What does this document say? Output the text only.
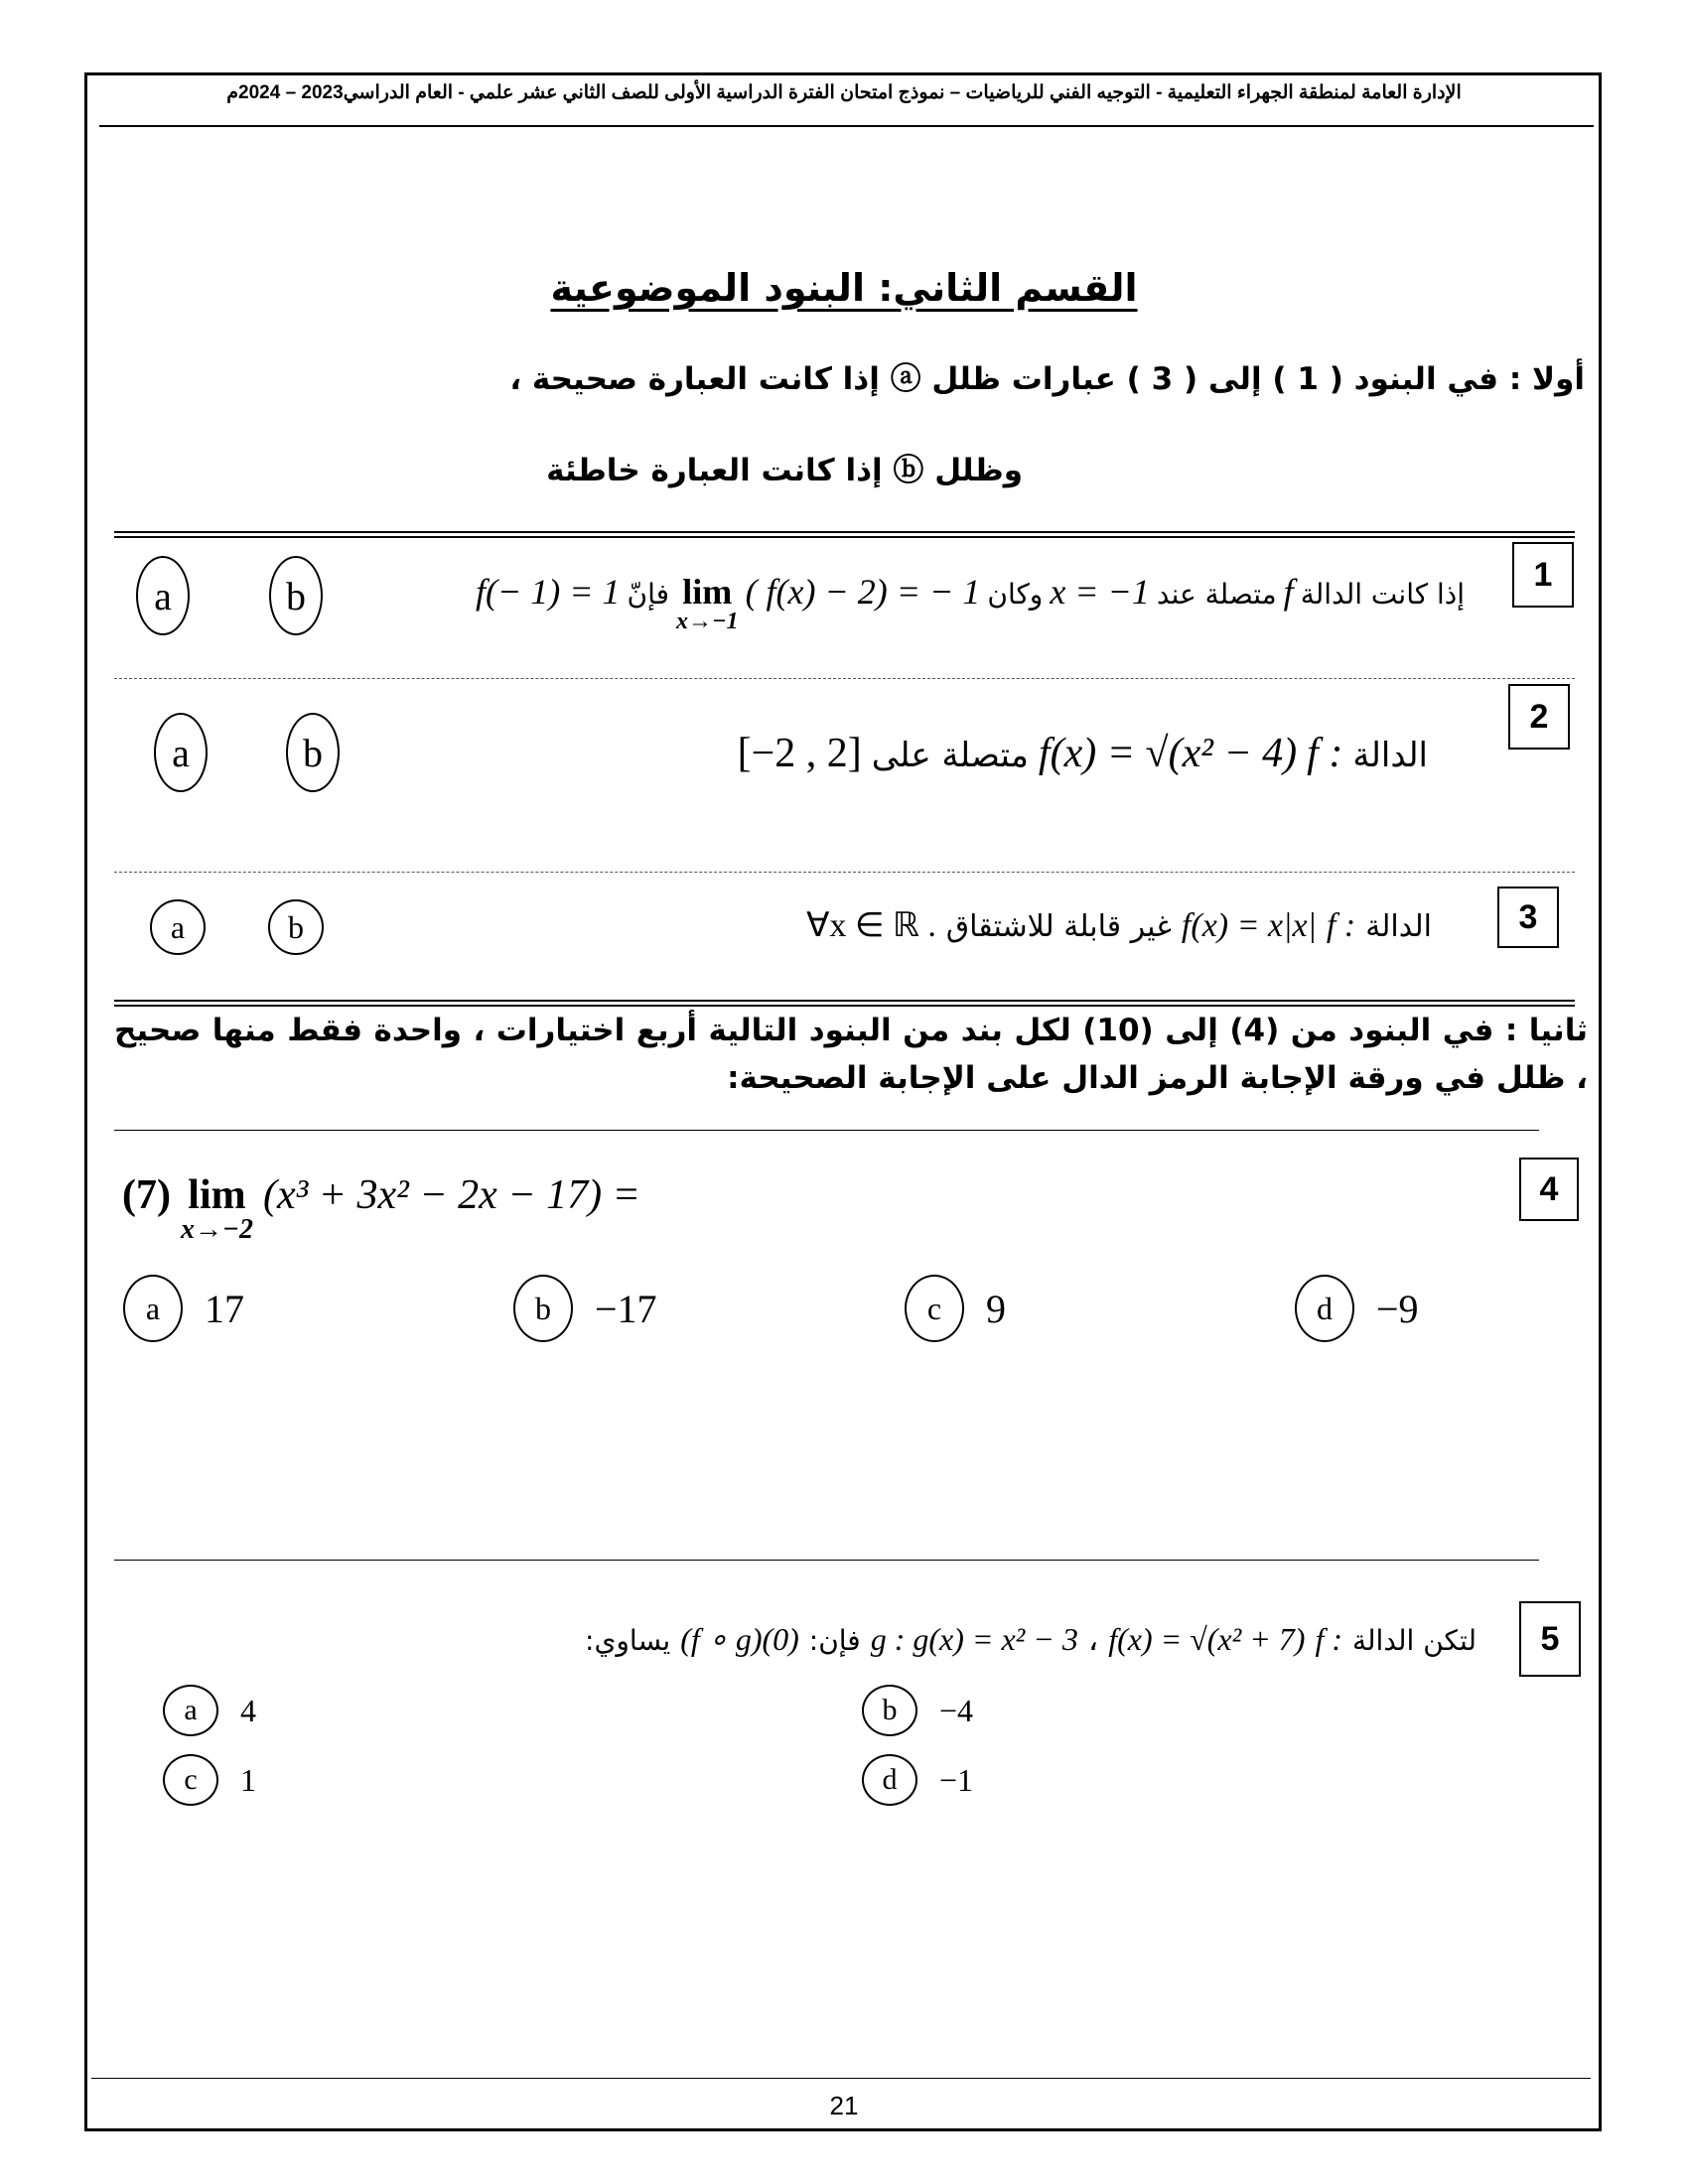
الإدارة العامة لمنطقة الجهراء التعليمية - التوجيه الفني للرياضيات – نموذج امتحان الفترة الدراسية الأولى للصف الثاني عشر علمي - العام الدراسي2023 – 2024م
القسم الثاني: البنود الموضوعية
أولا : في البنود ( 1 ) إلى ( 3 ) عبارات ظلل ⓐ إذا كانت العبارة صحيحة ،
وظلل ⓑ إذا كانت العبارة خاطئة
1
a	b	f(− 1) = 1 فإنّ lim
x→−1
( f(x) − 2) = − 1 وكان x = −1 متصلة عند f إذا كانت الدالة
2
a	b	[−2 , 2] متصلة على f(x) = √(x² − 4) f : الدالة
3
a	b	∀x ∈ ℝ . غير قابلة للاشتقاق f(x) = x|x| f : الدالة
ثانيا : في البنود من (4) إلى (10) لكل بند من البنود التالية أربع اختيارات ، واحدة فقط منها صحيح ، ظلل في ورقة الإجابة الرمز الدال على الإجابة الصحيحة:
4
(7) lim
x→−2
(x³ + 3x² − 2x − 17) =
a	17	b	−17	c	9	d	−9
5
يساوي: (f ∘ g)(0) فإن: g : g(x) = x² − 3 ، f(x) = √(x² + 7) f : لتكن الدالة
a	4	b	−4
c	1	d	−1
21
